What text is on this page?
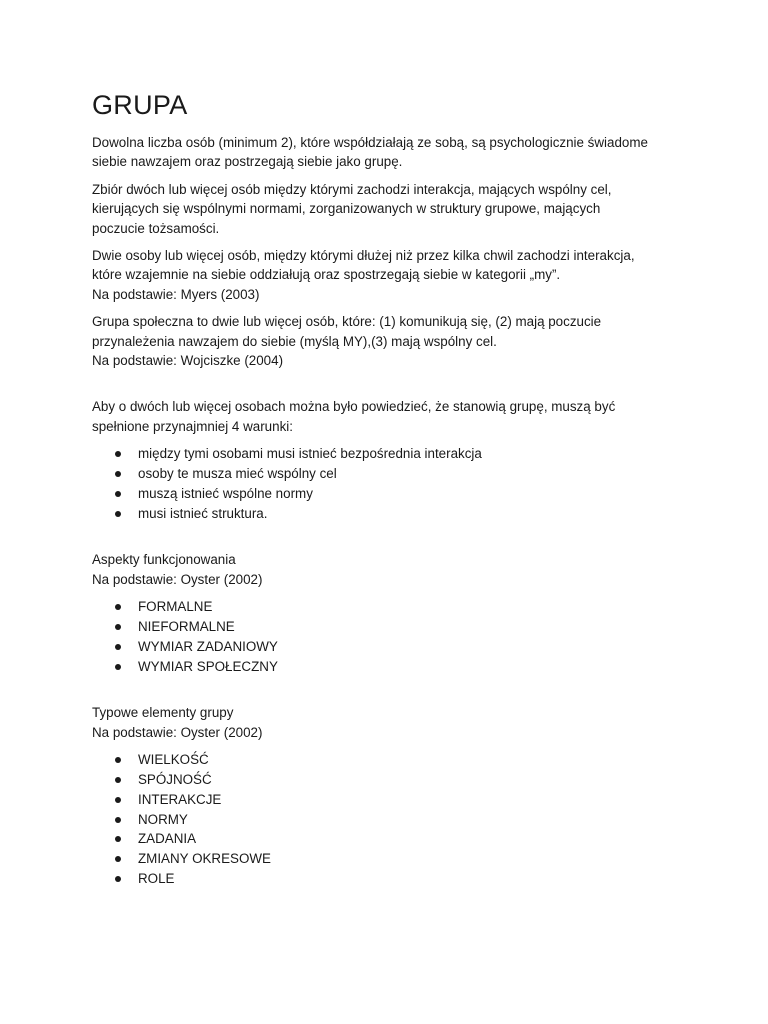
GRUPA

Dowolna liczba osób (minimum 2), które współdziałają ze sobą, są psychologicznie świadome
siebie nawzajem oraz postrzegają siebie jako grupę.

Zbiór dwóch lub więcej osób między którymi zachodzi interakcja, mających wspólny cel,
kierujących się wspólnymi normami, zorganizowanych w struktury grupowe, mających
poczucie tożsamości.

Dwie osoby lub więcej osób, między którymi dłużej niż przez kilka chwil zachodzi interakcja,
które wzajemnie na siebie oddziałują oraz spostrzegają siebie w kategorii „my”.
Na podstawie: Myers (2003)

Grupa społeczna to dwie lub więcej osób, które: (1) komunikują się, (2) mają poczucie
przynależenia nawzajem do siebie (myślą MY),(3) mają wspólny cel.
Na podstawie: Wojciszke (2004)

Aby o dwóch lub więcej osobach można było powiedzieć, że stanowią grupę, muszą być
spełnione przynajmniej 4 warunki:

między tymi osobami musi istnieć bezpośrednia interakcja
osoby te musza mieć wspólny cel
muszą istnieć wspólne normy
musi istnieć struktura.

Aspekty funkcjonowania
Na podstawie: Oyster (2002)

FORMALNE
NIEFORMALNE
WYMIAR ZADANIOWY
WYMIAR SPOŁECZNY

Typowe elementy grupy
Na podstawie: Oyster (2002)

WIELKOŚĆ
SPÓJNOŚĆ
INTERAKCJE
NORMY
ZADANIA
ZMIANY OKRESOWE
ROLE
